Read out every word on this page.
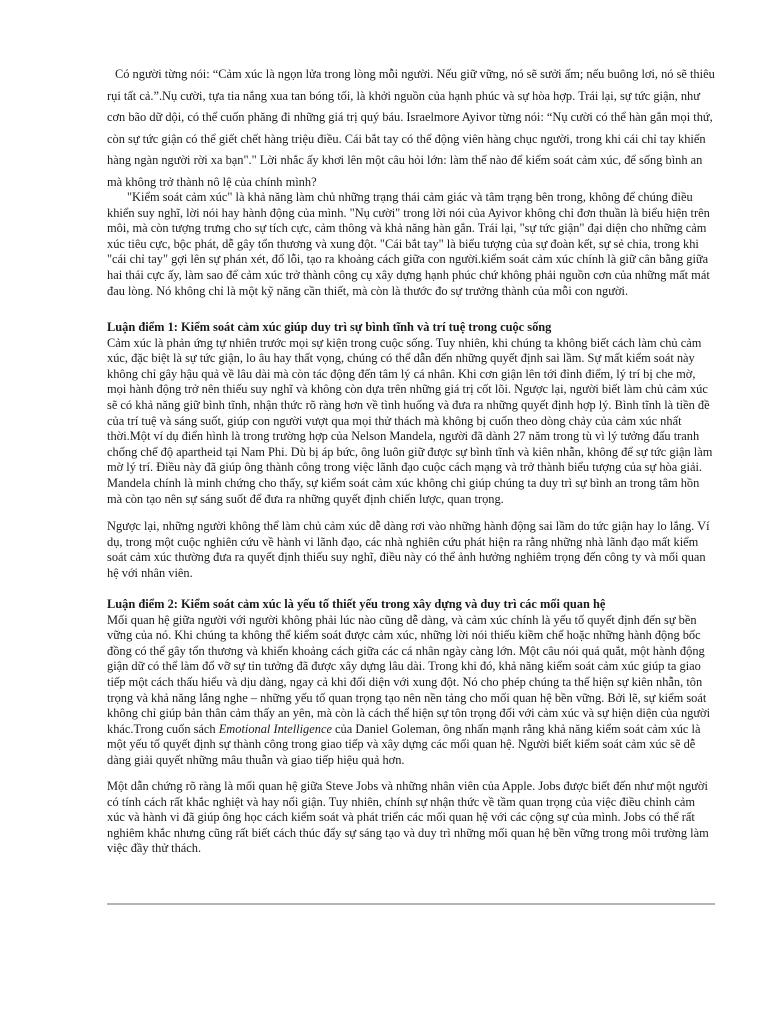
Có người từng nói: “Cảm xúc là ngọn lửa trong lòng mỗi người. Nếu giữ vững, nó sẽ sưởi ấm; nếu buông lơi, nó sẽ thiêu rụi tất cả.”.Nụ cười, tựa tia nắng xua tan bóng tối, là khởi nguồn của hạnh phúc và sự hòa hợp. Trái lại, sự tức giận, như cơn bão dữ dội, có thể cuốn phăng đi những giá trị quý báu. Israelmore Ayivor từng nói: “Nụ cười có thể hàn gắn mọi thứ, còn sự tức giận có thể giết chết hàng triệu điều. Cái bắt tay có thể động viên hàng chục người, trong khi cái chỉ tay khiến hàng ngàn người rời xa bạn"." Lời nhắc ấy khơi lên một câu hỏi lớn: làm thế nào để kiểm soát cảm xúc, để sống bình an mà không trở thành nô lệ của chính mình?
"Kiểm soát cảm xúc" là khả năng làm chủ những trạng thái cảm giác và tâm trạng bên trong, không để chúng điều khiển suy nghĩ, lời nói hay hành động của mình. "Nụ cười" trong lời nói của Ayivor không chỉ đơn thuần là biểu hiện trên môi, mà còn tượng trưng cho sự tích cực, cảm thông và khả năng hàn gắn. Trái lại, "sự tức giận" đại diện cho những cảm xúc tiêu cực, bộc phát, dễ gây tổn thương và xung đột. "Cái bắt tay" là biểu tượng của sự đoàn kết, sự sẻ chia, trong khi "cái chỉ tay" gợi lên sự phán xét, đổ lỗi, tạo ra khoảng cách giữa con người.kiểm soát cảm xúc chính là giữ cân bằng giữa hai thái cực ấy, làm sao để cảm xúc trở thành công cụ xây dựng hạnh phúc chứ không phải nguồn cơn của những mất mát đau lòng. Nó không chỉ là một kỹ năng cần thiết, mà còn là thước đo sự trưởng thành của mỗi con người.
Luận điểm 1: Kiểm soát cảm xúc giúp duy trì sự bình tĩnh và trí tuệ trong cuộc sống
Cảm xúc là phản ứng tự nhiên trước mọi sự kiện trong cuộc sống. Tuy nhiên, khi chúng ta không biết cách làm chủ cảm xúc, đặc biệt là sự tức giận, lo âu hay thất vọng, chúng có thể dẫn đến những quyết định sai lầm. Sự mất kiểm soát này không chỉ gây hậu quả về lâu dài mà còn tác động đến tâm lý cá nhân. Khi cơn giận lên tới đỉnh điểm, lý trí bị che mờ, mọi hành động trở nên thiếu suy nghĩ và không còn dựa trên những giá trị cốt lõi. Ngược lại, người biết làm chủ cảm xúc sẽ có khả năng giữ bình tĩnh, nhận thức rõ ràng hơn về tình huống và đưa ra những quyết định hợp lý. Bình tĩnh là tiền đề của trí tuệ và sáng suốt, giúp con người vượt qua mọi thử thách mà không bị cuốn theo dòng chảy của cảm xúc nhất thời.Một ví dụ điển hình là trong trường hợp của Nelson Mandela, người đã dành 27 năm trong tù vì lý tưởng đấu tranh chống chế độ apartheid tại Nam Phi. Dù bị áp bức, ông luôn giữ được sự bình tĩnh và kiên nhẫn, không để sự tức giận làm mờ lý trí. Điều này đã giúp ông thành công trong việc lãnh đạo cuộc cách mạng và trở thành biểu tượng của sự hòa giải. Mandela chính là minh chứng cho thấy, sự kiểm soát cảm xúc không chỉ giúp chúng ta duy trì sự bình an trong tâm hồn mà còn tạo nên sự sáng suốt để đưa ra những quyết định chiến lược, quan trọng.
Ngược lại, những người không thể làm chủ cảm xúc dễ dàng rơi vào những hành động sai lầm do tức giận hay lo lắng. Ví dụ, trong một cuộc nghiên cứu về hành vi lãnh đạo, các nhà nghiên cứu phát hiện ra rằng những nhà lãnh đạo mất kiểm soát cảm xúc thường đưa ra quyết định thiếu suy nghĩ, điều này có thể ảnh hưởng nghiêm trọng đến công ty và mối quan hệ với nhân viên.
Luận điểm 2: Kiểm soát cảm xúc là yếu tố thiết yếu trong xây dựng và duy trì các mối quan hệ
Mối quan hệ giữa người với người không phải lúc nào cũng dễ dàng, và cảm xúc chính là yếu tố quyết định đến sự bền vững của nó. Khi chúng ta không thể kiểm soát được cảm xúc, những lời nói thiếu kiềm chế hoặc những hành động bốc đồng có thể gây tổn thương và khiến khoảng cách giữa các cá nhân ngày càng lớn. Một câu nói quá quắt, một hành động giận dữ có thể làm đổ vỡ sự tin tưởng đã được xây dựng lâu dài. Trong khi đó, khả năng kiểm soát cảm xúc giúp ta giao tiếp một cách thấu hiểu và dịu dàng, ngay cả khi đối diện với xung đột. Nó cho phép chúng ta thể hiện sự kiên nhẫn, tôn trọng và khả năng lắng nghe – những yếu tố quan trọng tạo nên nền tảng cho mối quan hệ bền vững. Bởi lẽ, sự kiểm soát không chỉ giúp bản thân cảm thấy an yên, mà còn là cách thể hiện sự tôn trọng đối với cảm xúc và sự hiện diện của người khác.Trong cuốn sách Emotional Intelligence của Daniel Goleman, ông nhấn mạnh rằng khả năng kiểm soát cảm xúc là một yếu tố quyết định sự thành công trong giao tiếp và xây dựng các mối quan hệ. Người biết kiểm soát cảm xúc sẽ dễ dàng giải quyết những mâu thuẫn và giao tiếp hiệu quả hơn.
Một dẫn chứng rõ ràng là mối quan hệ giữa Steve Jobs và những nhân viên của Apple. Jobs được biết đến như một người có tính cách rất khắc nghiệt và hay nổi giận. Tuy nhiên, chính sự nhận thức về tầm quan trọng của việc điều chỉnh cảm xúc và hành vi đã giúp ông học cách kiểm soát và phát triển các mối quan hệ với các cộng sự của mình. Jobs có thể rất nghiêm khắc nhưng cũng rất biết cách thúc đẩy sự sáng tạo và duy trì những mối quan hệ bền vững trong môi trường làm việc đầy thử thách.
